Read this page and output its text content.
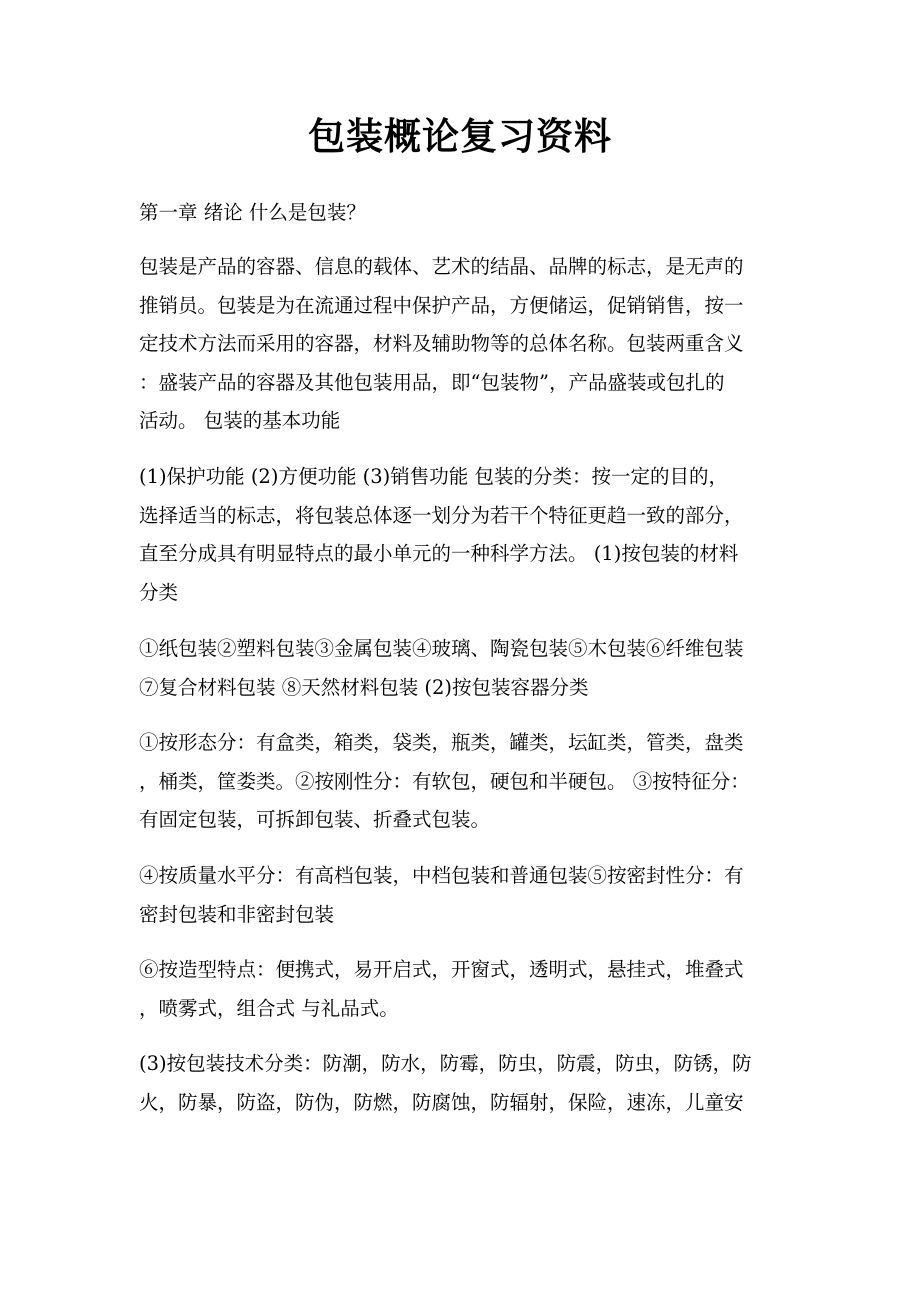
包装概论复习资料

第一章 绪论 什么是包装？

包装是产品的容器、信息的载体、艺术的结晶、品牌的标志，是无声的
推销员。包装是为在流通过程中保护产品，方便储运，促销销售，按一
定技术方法而采用的容器，材料及辅助物等的总体名称。包装两重含义
：盛装产品的容器及其他包装用品，即“包装物”，产品盛装或包扎的
活动。 包装的基本功能

(1)保护功能 (2)方便功能 (3)销售功能 包装的分类：按一定的目的，
选择适当的标志，将包装总体逐一划分为若干个特征更趋一致的部分，
直至分成具有明显特点的最小单元的一种科学方法。 (1)按包装的材料
分类

①纸包装②塑料包装③金属包装④玻璃、陶瓷包装⑤木包装⑥纤维包装
⑦复合材料包装 ⑧天然材料包装 (2)按包装容器分类

①按形态分：有盒类，箱类，袋类，瓶类，罐类，坛缸类，管类，盘类
，桶类，筐娄类。②按刚性分：有软包，硬包和半硬包。 ③按特征分：
有固定包装，可拆卸包装、折叠式包装。

④按质量水平分：有高档包装，中档包装和普通包装⑤按密封性分：有
密封包装和非密封包装

⑥按造型特点：便携式，易开启式，开窗式，透明式，悬挂式，堆叠式
，喷雾式，组合式 与礼品式。

(3)按包装技术分类：防潮，防水，防霉，防虫，防震，防虫，防锈，防
火，防暴，防盗，防伪，防燃，防腐蚀，防辐射，保险，速冻，儿童安
